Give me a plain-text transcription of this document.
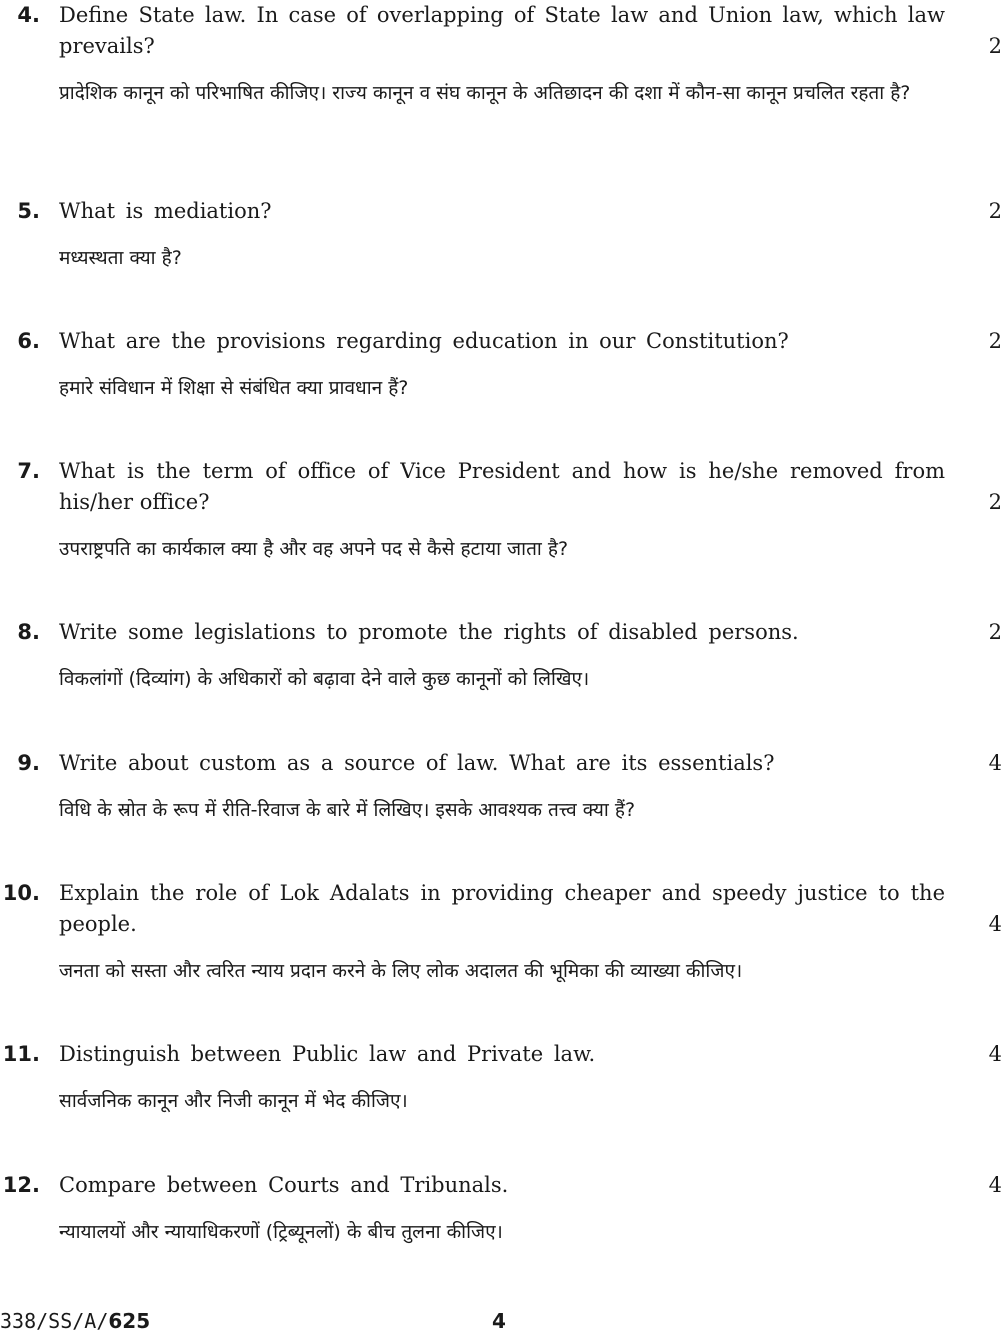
4. Define State law. In case of overlapping of State law and Union law, which law prevails?	2

प्रादेशिक कानून को परिभाषित कीजिए। राज्य कानून व संघ कानून के अतिछादन की दशा में कौन-सा कानून प्रचलित रहता है?

5. What is mediation?	2

मध्यस्थता क्या है?

6. What are the provisions regarding education in our Constitution?	2

हमारे संविधान में शिक्षा से संबंधित क्या प्रावधान हैं?

7. What is the term of office of Vice President and how is he/she removed from his/her office?	2

उपराष्ट्रपति का कार्यकाल क्या है और वह अपने पद से कैसे हटाया जाता है?

8. Write some legislations to promote the rights of disabled persons.	2

विकलांगों (दिव्यांग) के अधिकारों को बढ़ावा देने वाले कुछ कानूनों को लिखिए।

9. Write about custom as a source of law. What are its essentials?	4

विधि के स्रोत के रूप में रीति-रिवाज के बारे में लिखिए। इसके आवश्यक तत्त्व क्या हैं?

10. Explain the role of Lok Adalats in providing cheaper and speedy justice to the people.	4

जनता को सस्ता और त्वरित न्याय प्रदान करने के लिए लोक अदालत की भूमिका की व्याख्या कीजिए।

11. Distinguish between Public law and Private law.	4

सार्वजनिक कानून और निजी कानून में भेद कीजिए।

12. Compare between Courts and Tribunals.	4

न्यायालयों और न्यायाधिकरणों (ट्रिब्यूनलों) के बीच तुलना कीजिए।

338/SS/A/625	4
